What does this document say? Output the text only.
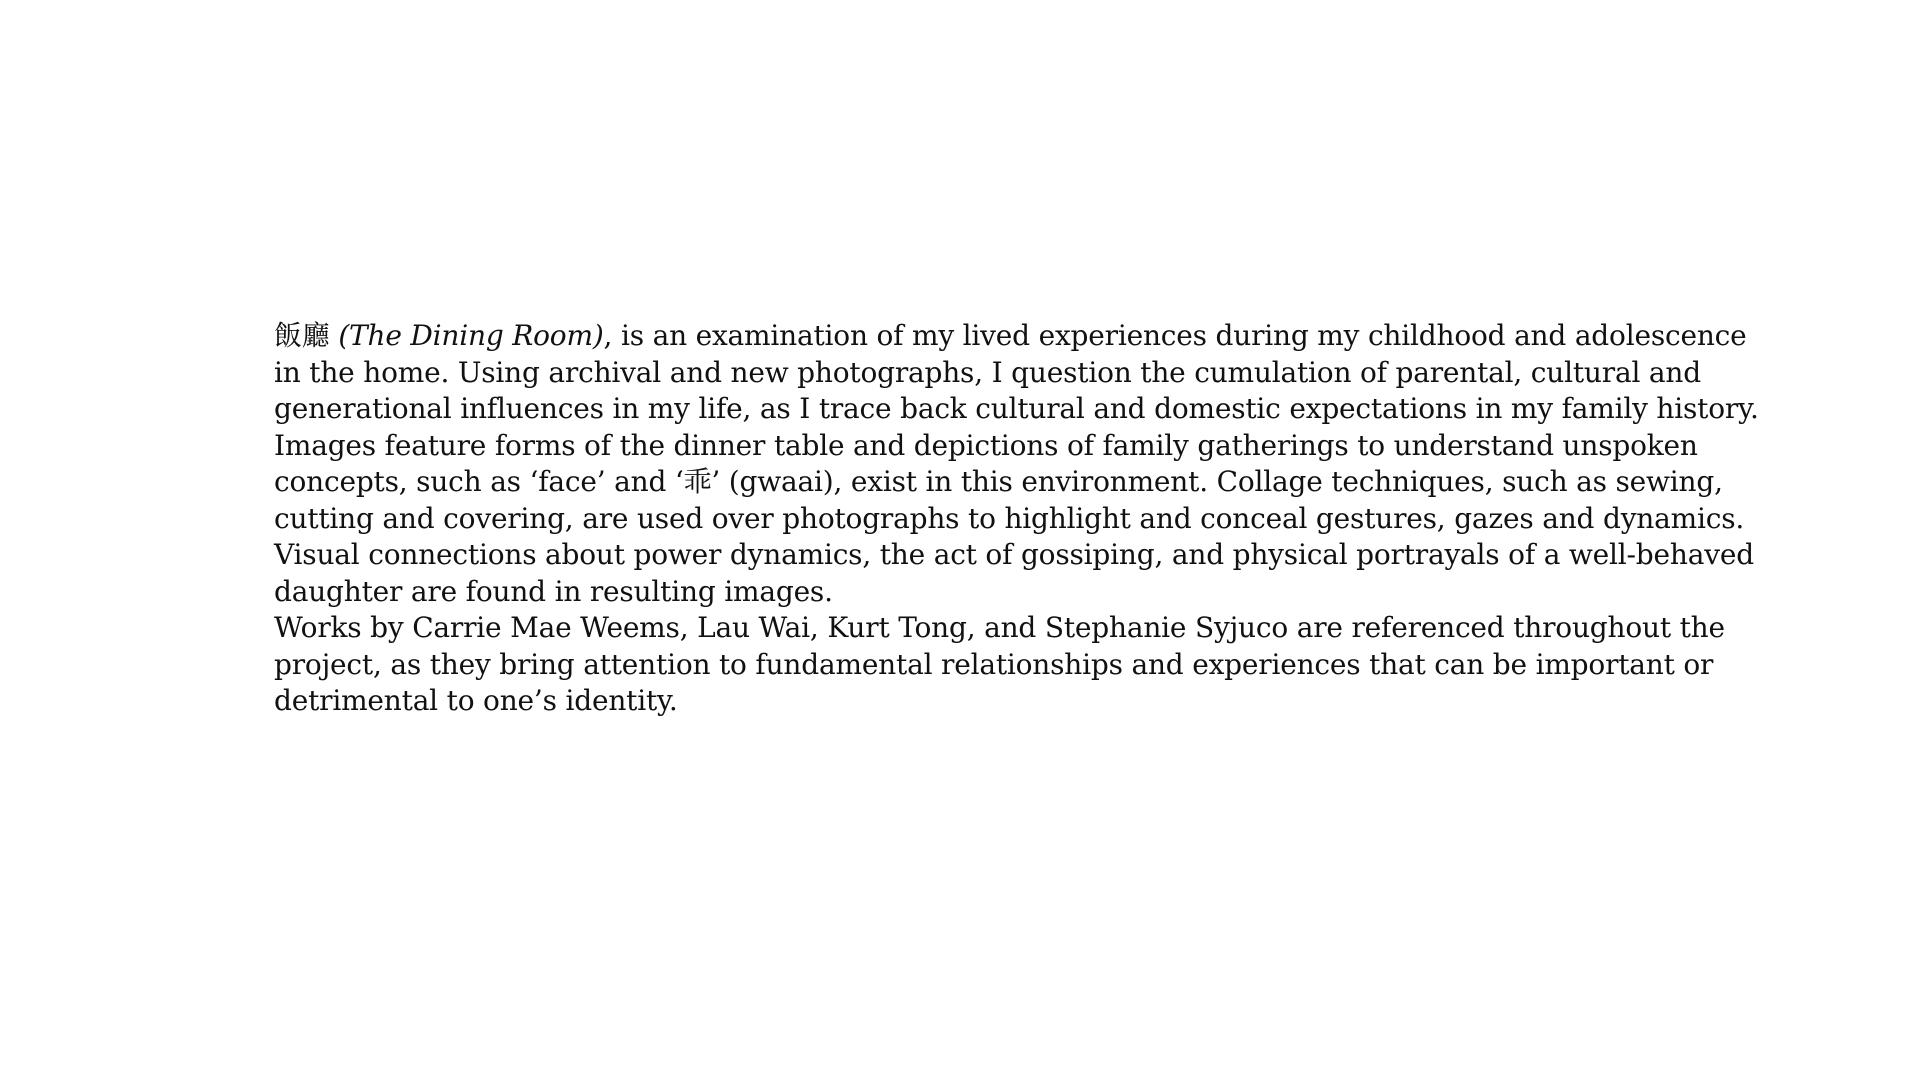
飯廳 (The Dining Room), is an examination of my lived experiences during my childhood and adolescence
in the home. Using archival and new photographs, I question the cumulation of parental, cultural and
generational influences in my life, as I trace back cultural and domestic expectations in my family history.
Images feature forms of the dinner table and depictions of family gatherings to understand unspoken
concepts, such as ‘face’ and ‘乖’ (gwaai), exist in this environment. Collage techniques, such as sewing,
cutting and covering, are used over photographs to highlight and conceal gestures, gazes and dynamics.
Visual connections about power dynamics, the act of gossiping, and physical portrayals of a well-behaved
daughter are found in resulting images.

Works by Carrie Mae Weems, Lau Wai, Kurt Tong, and Stephanie Syjuco are referenced throughout the
project, as they bring attention to fundamental relationships and experiences that can be important or
detrimental to one’s identity.
